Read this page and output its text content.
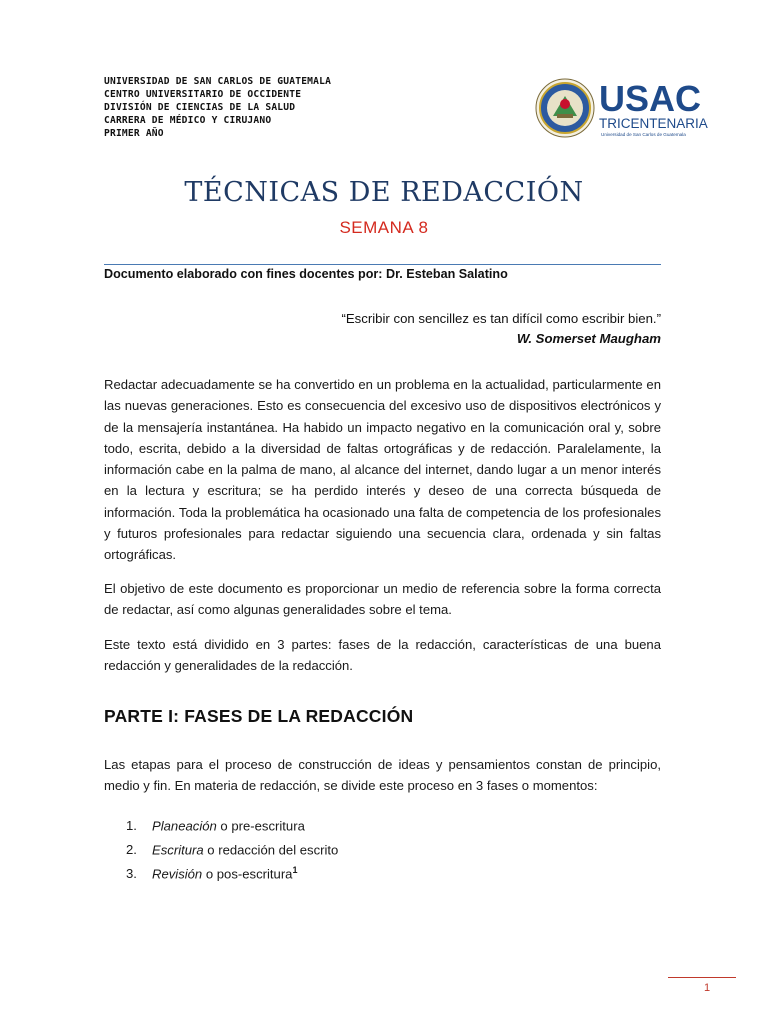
UNIVERSIDAD DE SAN CARLOS DE GUATEMALA
CENTRO UNIVERSITARIO DE OCCIDENTE
DIVISIÓN DE CIENCIAS DE LA SALUD
CARRERA DE MÉDICO Y CIRUJANO
PRIMER AÑO
USAC
TRICENTENARIA
Universidad de San Carlos de Guatemala
TÉCNICAS DE REDACCIÓN
SEMANA 8
Documento elaborado con fines docentes por: Dr. Esteban Salatino
“Escribir con sencillez es tan difícil como escribir bien.”
W. Somerset Maugham

Redactar adecuadamente se ha convertido en un problema en la actualidad, particularmente en las nuevas generaciones. Esto es consecuencia del excesivo uso de dispositivos electrónicos y de la mensajería instantánea. Ha habido un impacto negativo en la comunicación oral y, sobre todo, escrita, debido a la diversidad de faltas ortográficas y de redacción. Paralelamente, la información cabe en la palma de mano, al alcance del internet, dando lugar a un menor interés en la lectura y escritura; se ha perdido interés y deseo de una correcta búsqueda de información. Toda la problemática ha ocasionado una falta de competencia de los profesionales y futuros profesionales para redactar siguiendo una secuencia clara, ordenada y sin faltas ortográficas.

El objetivo de este documento es proporcionar un medio de referencia sobre la forma correcta de redactar, así como algunas generalidades sobre el tema.

Este texto está dividido en 3 partes: fases de la redacción, características de una buena redacción y generalidades de la redacción.

PARTE I: FASES DE LA REDACCIÓN

Las etapas para el proceso de construcción de ideas y pensamientos constan de principio, medio y fin. En materia de redacción, se divide este proceso en 3 fases o momentos:

1. Planeación o pre-escritura
2. Escritura o redacción del escrito
3. Revisión o pos-escritura$^1$
1
